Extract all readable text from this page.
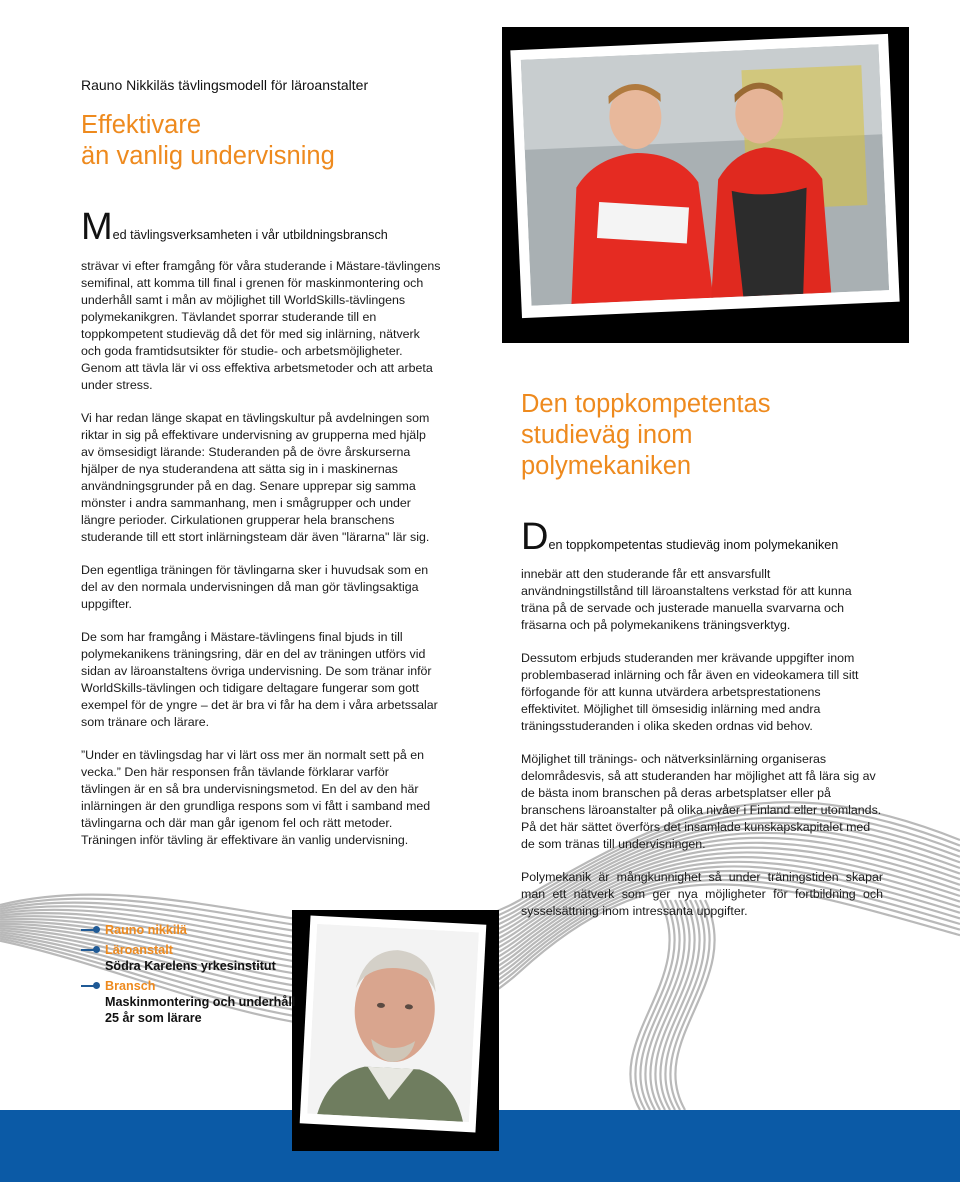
Rauno Nikkiläs tävlingsmodell för läroanstalter
Effektivare
än vanlig undervisning
Med tävlingsverksamheten i vår utbildningsbransch

strävar vi efter framgång för våra studerande i Mästare-tävlingens semifinal, att komma till final i grenen för maskinmontering och underhåll samt i mån av möjlighet till WorldSkills-tävlingens polymekanikgren. Tävlandet sporrar studerande till en toppkompetent studieväg då det för med sig inlärning, nätverk och goda framtidsutsikter för studie- och arbetsmöjligheter. Genom att tävla lär vi oss effektiva arbetsmetoder och att arbeta under stress.

Vi har redan länge skapat en tävlingskultur på avdelningen som riktar in sig på effektivare undervisning av grupperna med hjälp av ömsesidigt lärande: Studeranden på de övre årskurserna hjälper de nya studerandena att sätta sig in i maskinernas användningsgrunder på en dag. Senare upprepar sig samma mönster i andra sammanhang, men i smågrupper och under längre perioder. Cirkulationen grupperar hela branschens studerande till ett stort inlärningsteam där även "lärarna" lär sig.

Den egentliga träningen för tävlingarna sker i huvudsak som en del av den normala undervisningen då man gör tävlingsaktiga uppgifter.

De som har framgång i Mästare-tävlingens final bjuds in till polymekanikens träningsring, där en del av träningen utförs vid sidan av läroanstaltens övriga undervisning. De som tränar inför WorldSkills-tävlingen och tidigare deltagare fungerar som gott exempel för de yngre – det är bra vi får ha dem i våra arbetssalar som tränare och lärare.

”Under en tävlingsdag har vi lärt oss mer än normalt sett på en vecka.” Den här responsen från tävlande förklarar varför tävlingen är en så bra undervisningsmetod. En del av den här inlärningen är den grundliga respons som vi fått i samband med tävlingarna och där man går igenom fel och rätt metoder. Träningen inför tävling är effektivare än vanlig undervisning.

Den toppkompetentas
studieväg inom
polymekaniken
Den toppkompetentas studieväg inom polymekaniken

innebär att den studerande får ett ansvarsfullt användningstillstånd till läroanstaltens verkstad för att kunna träna på de servade och justerade manuella svarvarna och fräsarna och på polymekanikens träningsverktyg.

Dessutom erbjuds studeranden mer krävande uppgifter inom problembaserad inlärning och får även en videokamera till sitt förfogande för att kunna utvärdera arbetsprestationens effektivitet. Möjlighet till ömsesidig inlärning med andra träningsstuderanden i olika skeden ordnas vid behov.

Möjlighet till tränings- och nätverksinlärning organiseras delområdesvis, så att studeranden har möjlighet att få lära sig av de bästa inom branschen på deras arbetsplatser eller på branschens läroanstalter på olika nivåer i Finland eller utomlands. På det här sättet överförs det insamlade kunskapskapitalet med de som tränas till undervisningen.

Polymekanik är mångkunnighet så under träningstiden skapar man ett nätverk som ger nya möjligheter för fortbildning och sysselsättning inom intressanta uppgifter.

Rauno nikkilä
Läroanstalt
Södra Karelens yrkesinstitut
Bransch
Maskinmontering och underhåll
25 år som lärare
